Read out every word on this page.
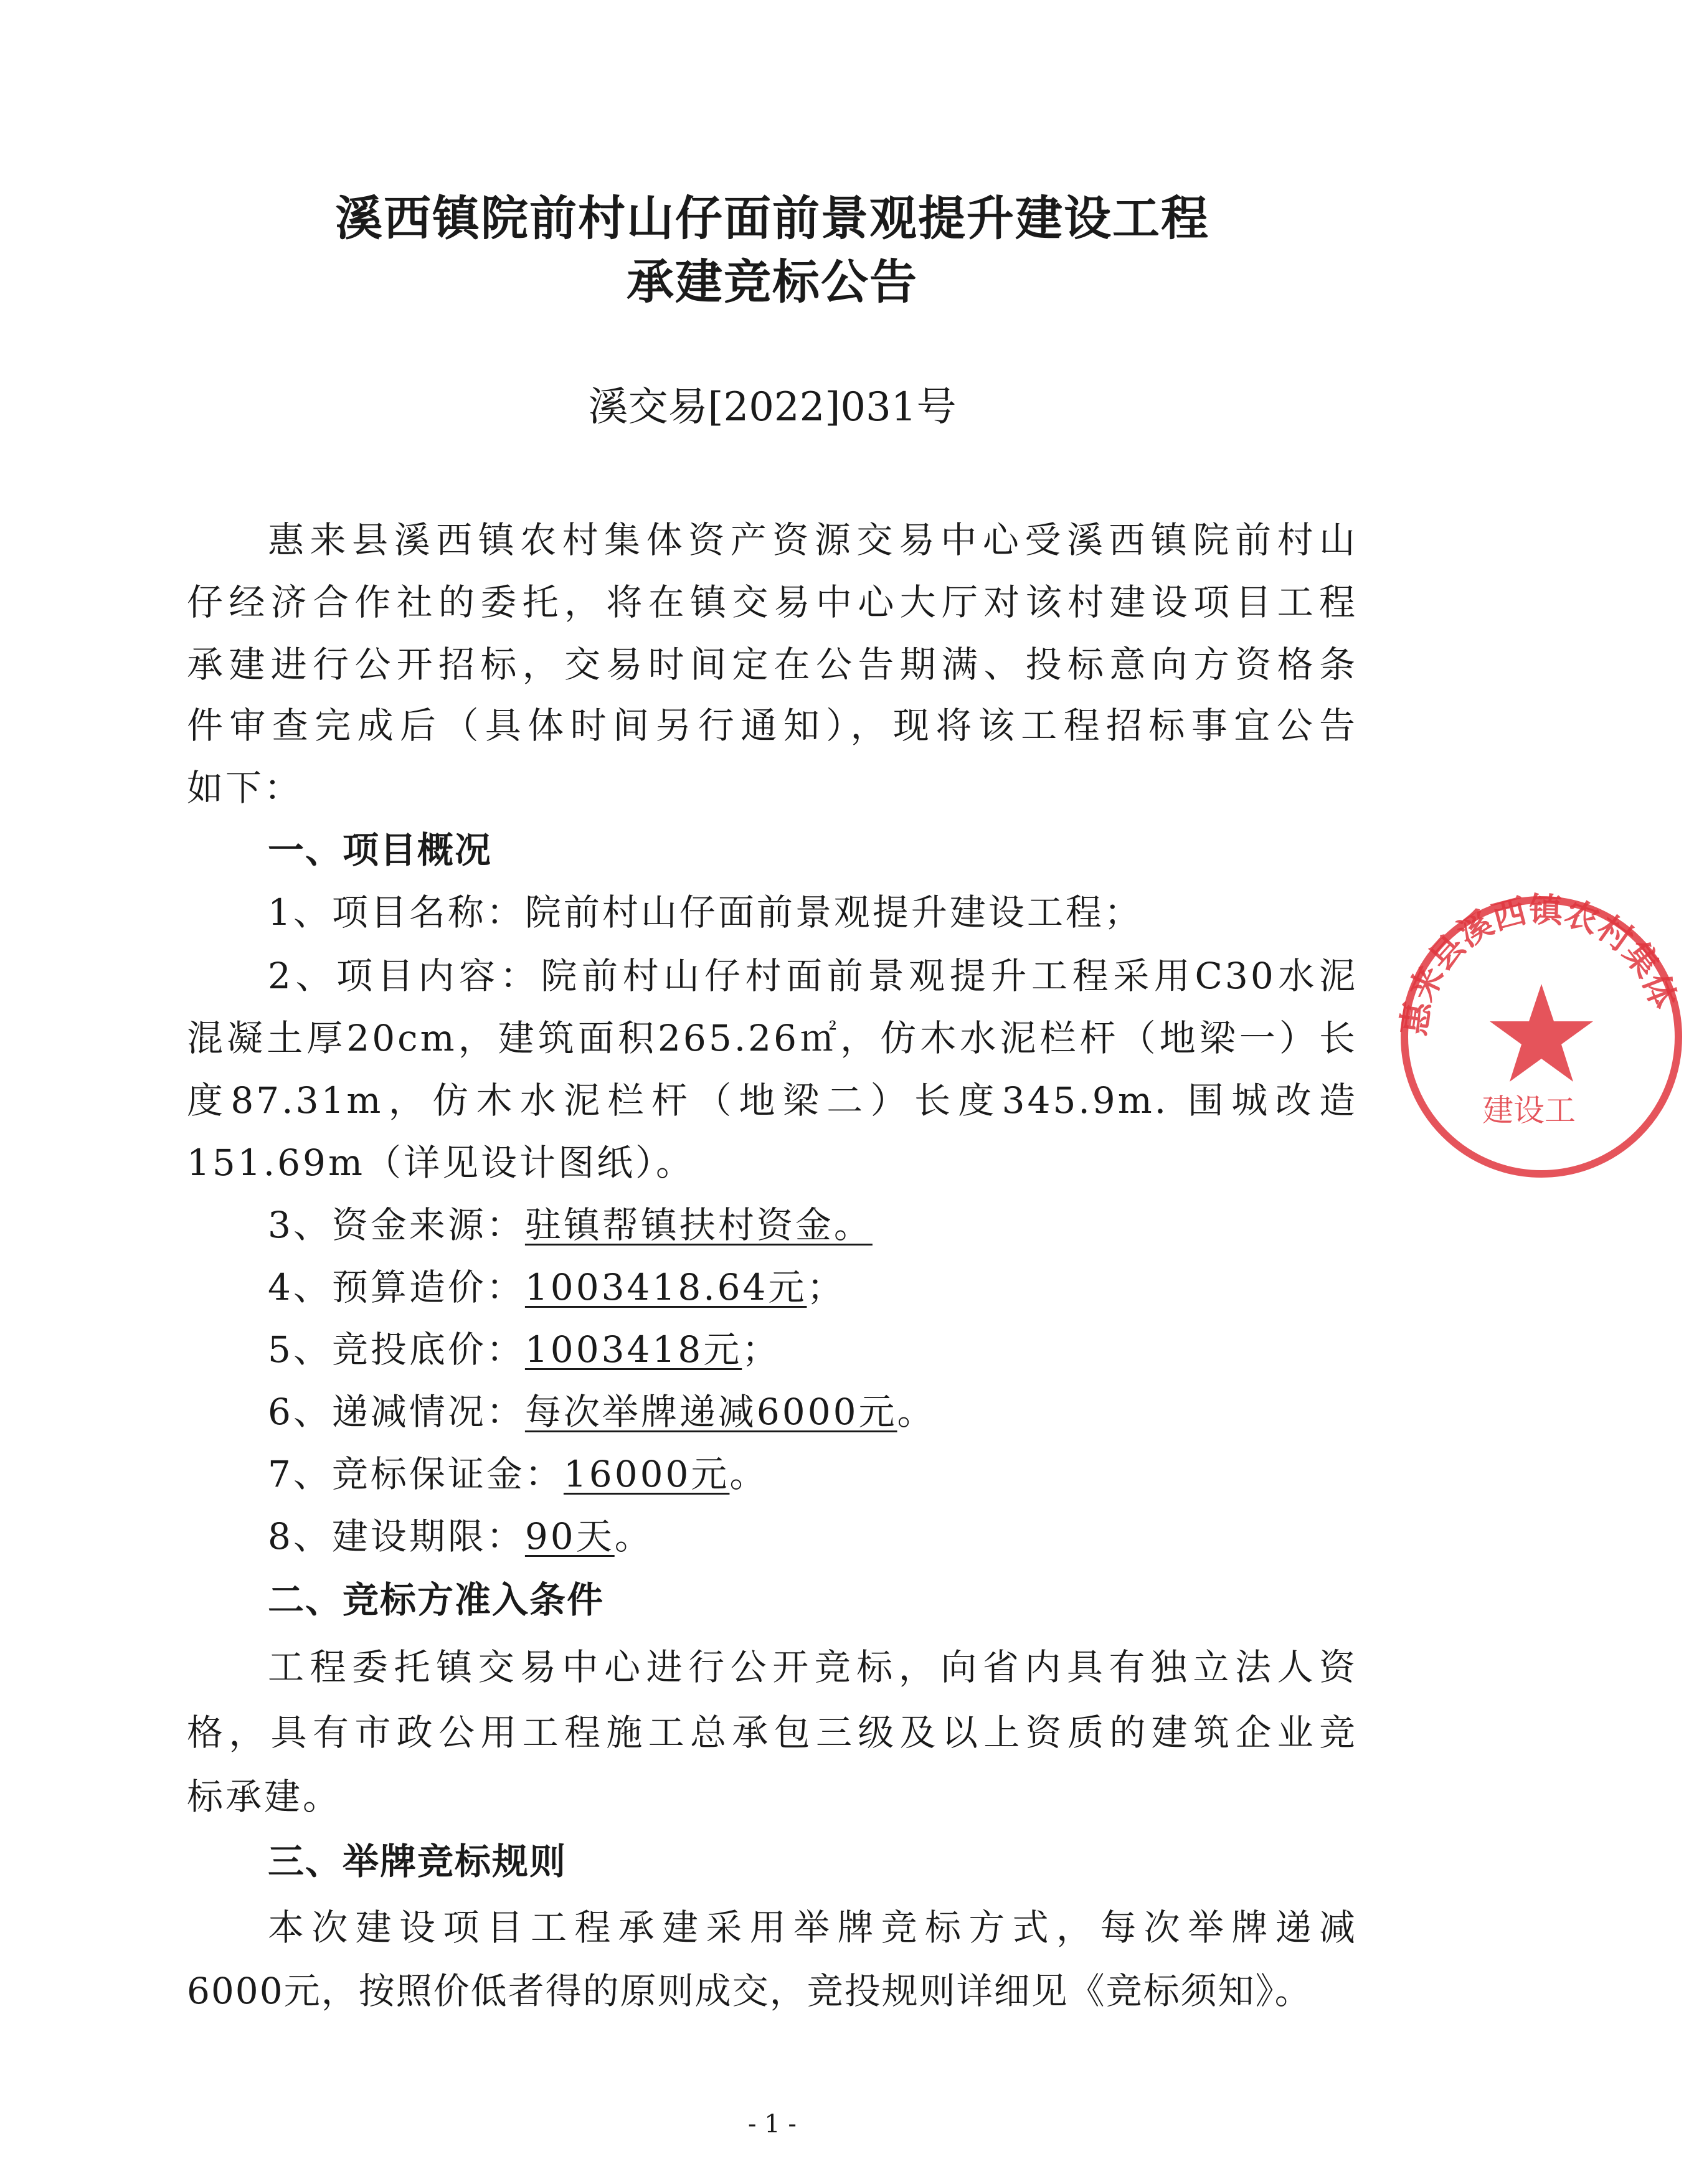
溪西镇院前村山仔面前景观提升建设工程
承建竞标公告
溪交易[2022]031号
惠来县溪西镇农村集体资产资源交易中心受溪西镇院前村山
仔经济合作社的委托，将在镇交易中心大厅对该村建设项目工程
承建进行公开招标，交易时间定在公告期满、投标意向方资格条
件审查完成后（具体时间另行通知），现将该工程招标事宜公告
如下：
一、项目概况
1、项目名称：院前村山仔面前景观提升建设工程；
2、项目内容：院前村山仔村面前景观提升工程采用C30水泥
混凝土厚20cm，建筑面积265.26㎡，仿木水泥栏杆（地梁一）长
度87.31m，仿木水泥栏杆（地梁二）长度345.9m. 围城改造
151.69m（详见设计图纸）。
3、资金来源：驻镇帮镇扶村资金。
4、预算造价：1003418.64元；
5、竞投底价：1003418元；
6、递减情况：每次举牌递减6000元。
7、竞标保证金：16000元。
8、建设期限：90天。
二、竞标方准入条件
工程委托镇交易中心进行公开竞标，向省内具有独立法人资
格，具有市政公用工程施工总承包三级及以上资质的建筑企业竞
标承建。
三、举牌竞标规则
本次建设项目工程承建采用举牌竞标方式，每次举牌递减
6000元，按照价低者得的原则成交，竞投规则详细见《竞标须知》。
惠来县溪西镇农村集体
建设工
- 1 -
